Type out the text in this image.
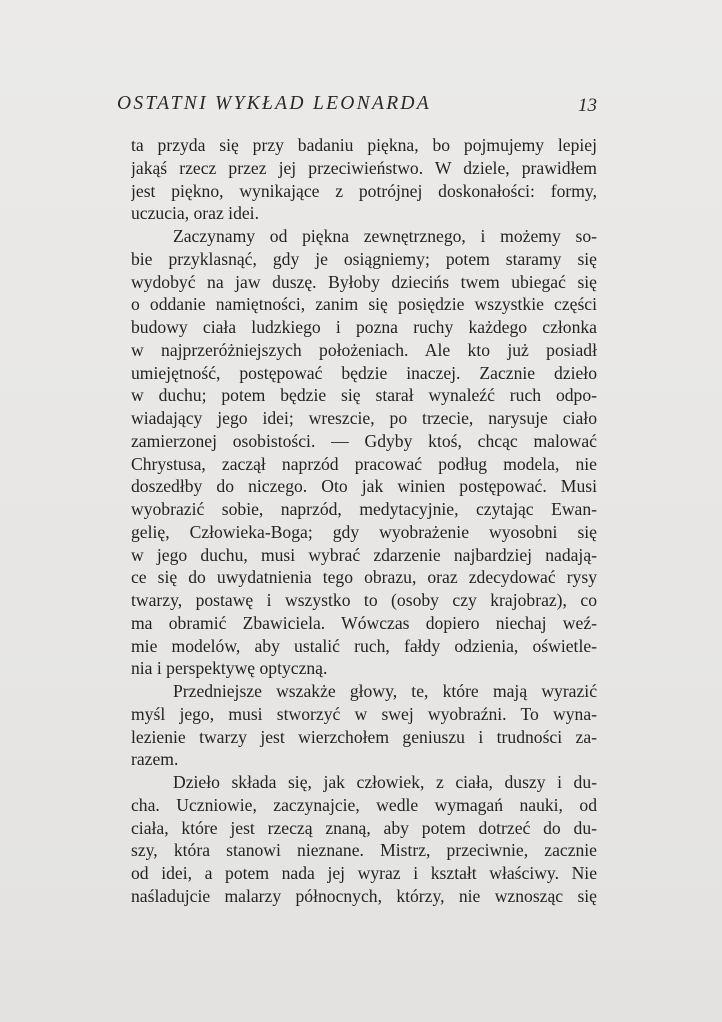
OSTATNI WYKŁAD LEONARDA	13
ta przyda się przy badaniu piękna, bo pojmujemy lepiej
jakąś rzecz przez jej przeciwieństwo. W dziele, prawidłem
jest piękno, wynikające z potrójnej doskonałości: formy,
uczucia, oraz idei.
Zaczynamy od piękna zewnętrznego, i możemy so-
bie przyklasnąć, gdy je osiągniemy; potem staramy się
wydobyć na jaw duszę. Byłoby dziecińs twem ubiegać się
o oddanie namiętności, zanim się posiędzie wszystkie części
budowy ciała ludzkiego i pozna ruchy każdego członka
w najprzeróżniejszych położeniach. Ale kto już posiadł
umiejętność, postępować będzie inaczej. Zacznie dzieło
w duchu; potem będzie się starał wynaleźć ruch odpo-
wiadający jego idei; wreszcie, po trzecie, narysuje ciało
zamierzonej osobistości. — Gdyby ktoś, chcąc malować
Chrystusa, zaczął naprzód pracować podług modela, nie
doszedłby do niczego. Oto jak winien postępować. Musi
wyobrazić sobie, naprzód, medytacyjnie, czytając Ewan-
gelię, Człowieka-Boga; gdy wyobrażenie wyosobni się
w jego duchu, musi wybrać zdarzenie najbardziej nadają-
ce się do uwydatnienia tego obrazu, oraz zdecydować rysy
twarzy, postawę i wszystko to (osoby czy krajobraz), co
ma obramić Zbawiciela. Wówczas dopiero niechaj weź-
mie modelów, aby ustalić ruch, fałdy odzienia, oświetle-
nia i perspektywę optyczną.
Przedniejsze wszakże głowy, te, które mają wyrazić
myśl jego, musi stworzyć w swej wyobraźni. To wyna-
lezienie twarzy jest wierzchołem geniuszu i trudności za-
razem.
Dzieło składa się, jak człowiek, z ciała, duszy i du-
cha. Uczniowie, zaczynajcie, wedle wymagań nauki, od
ciała, które jest rzeczą znaną, aby potem dotrzeć do du-
szy, która stanowi nieznane. Mistrz, przeciwnie, zacznie
od idei, a potem nada jej wyraz i kształt właściwy. Nie
naśladujcie malarzy północnych, którzy, nie wznosząc się
